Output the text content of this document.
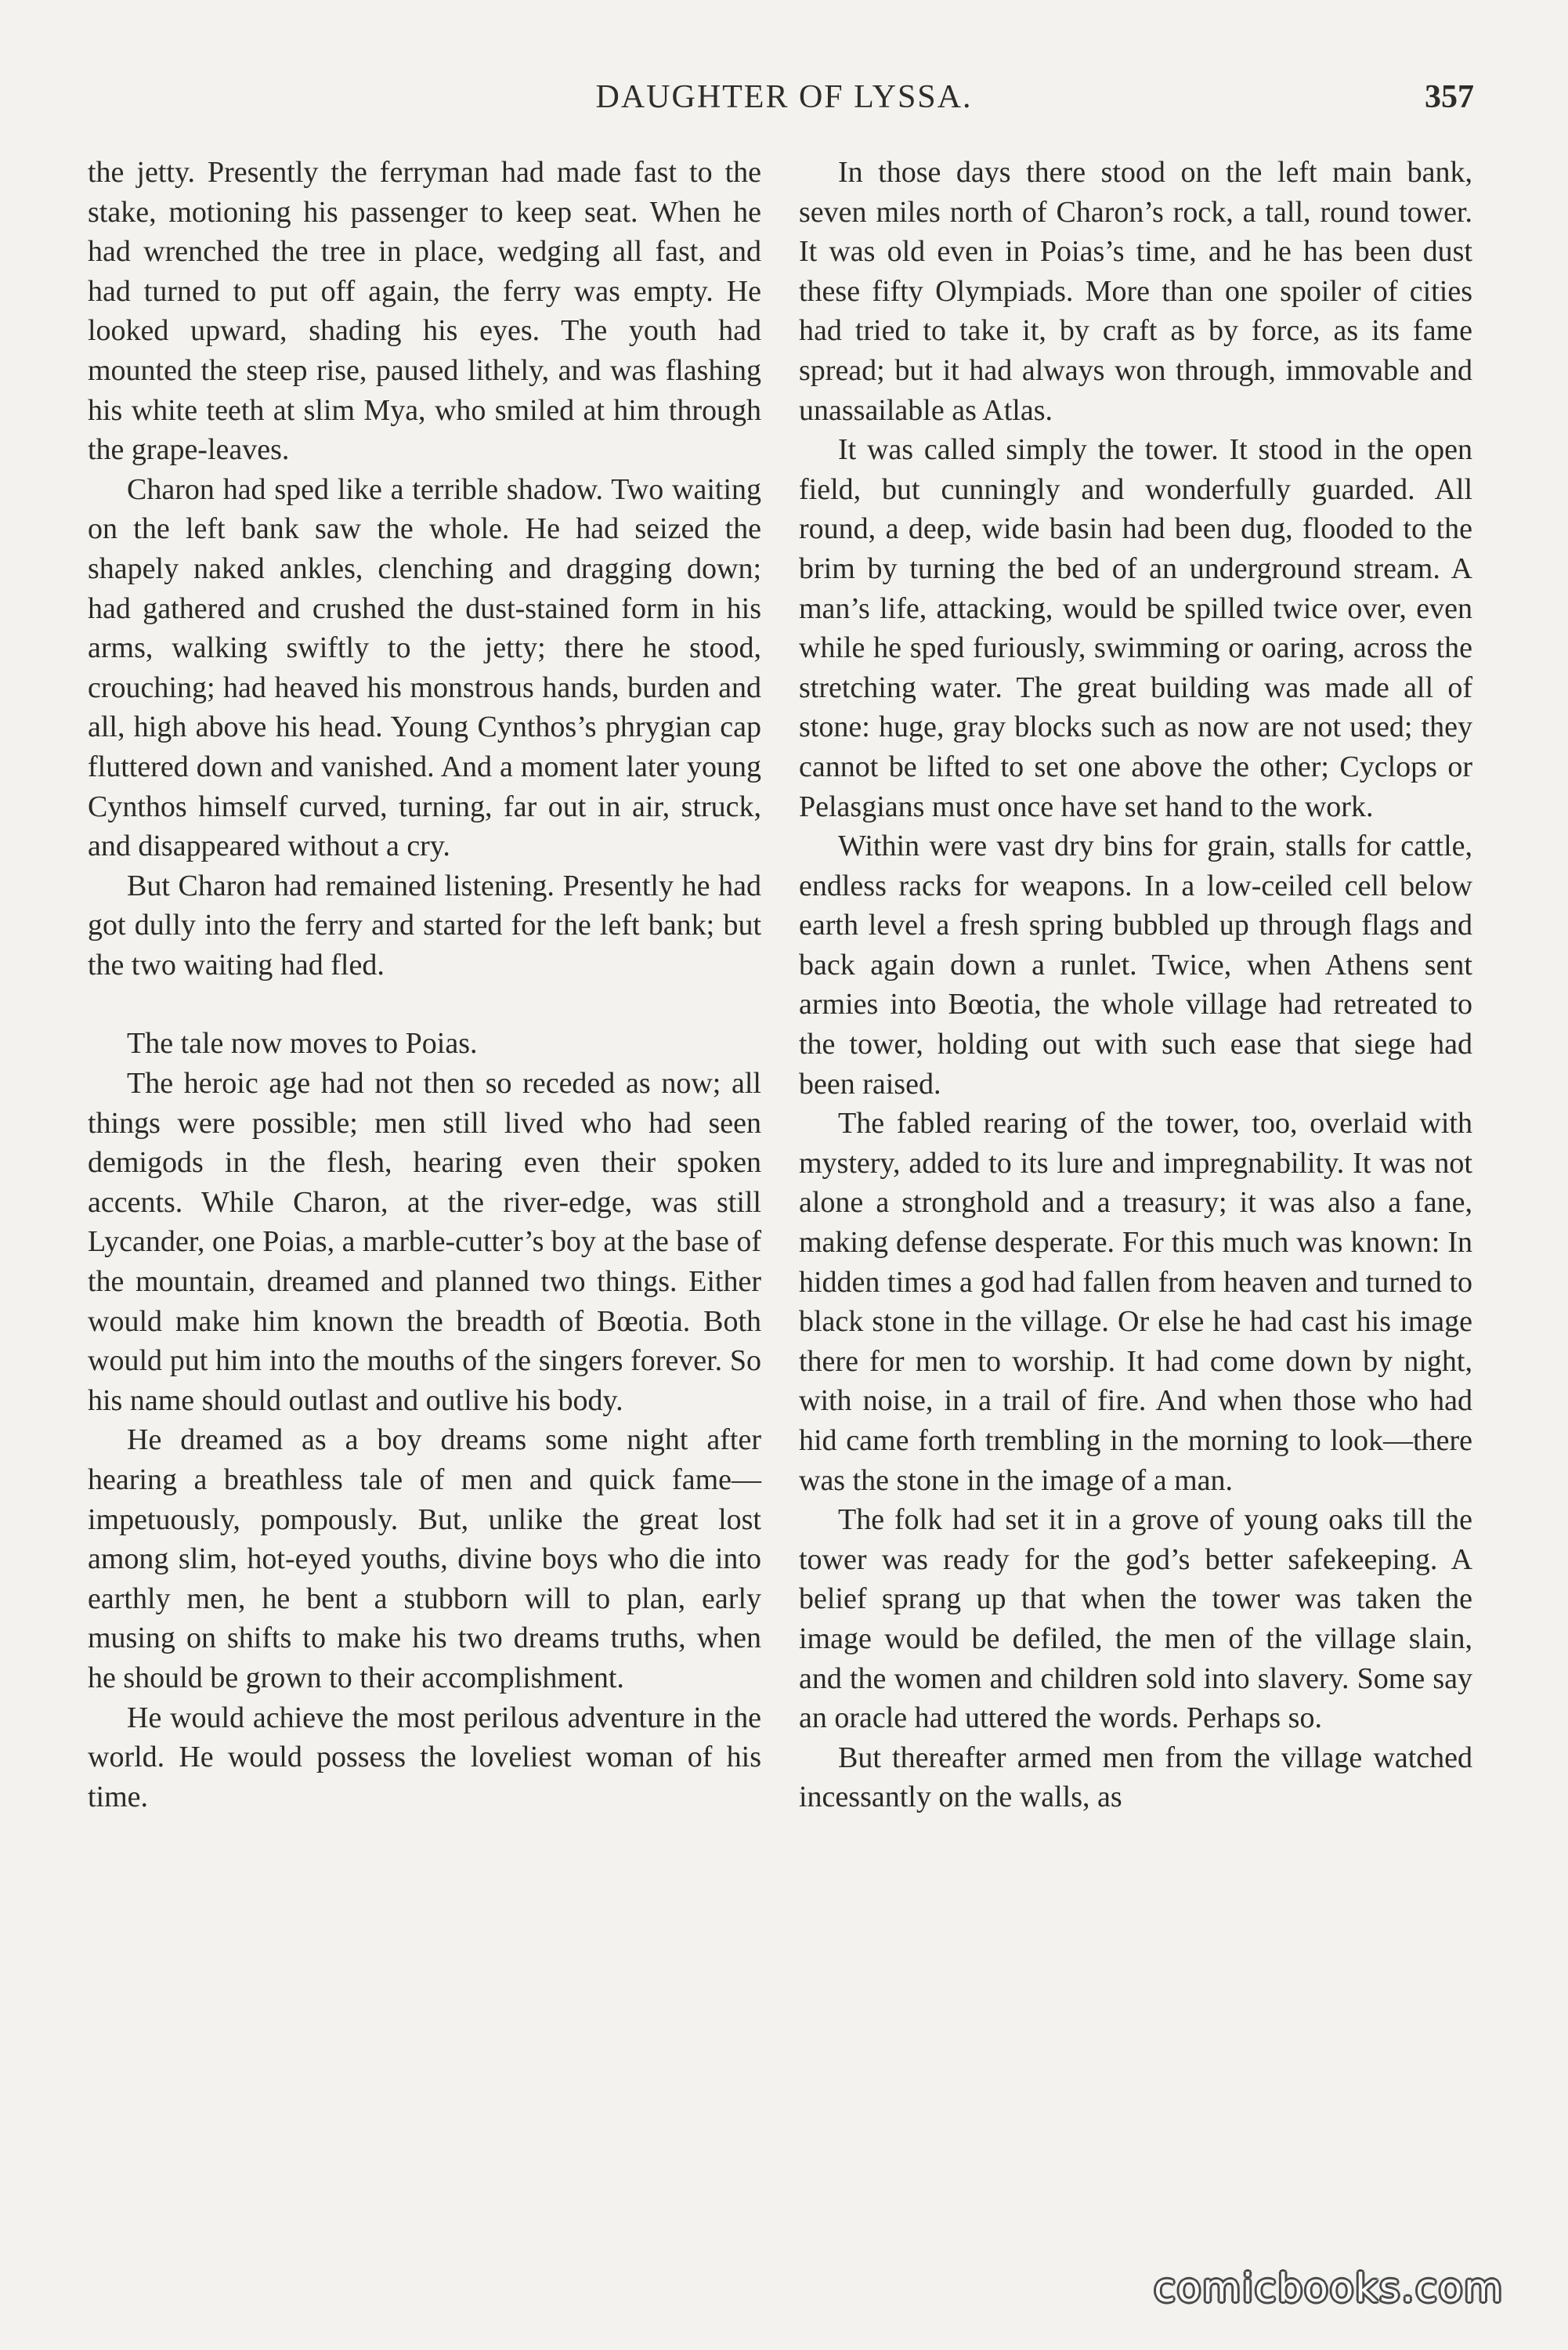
DAUGHTER OF LYSSA.	357

the jetty. Presently the ferryman had made fast to the stake, motioning his passenger to keep seat. When he had wrenched the tree in place, wedging all fast, and had turned to put off again, the ferry was empty. He looked upward, shading his eyes. The youth had mounted the steep rise, paused lithely, and was flashing his white teeth at slim Mya, who smiled at him through the grape-leaves.

Charon had sped like a terrible shadow. Two waiting on the left bank saw the whole. He had seized the shapely naked ankles, clenching and dragging down; had gathered and crushed the dust-stained form in his arms, walking swiftly to the jetty; there he stood, crouching; had heaved his monstrous hands, burden and all, high above his head. Young Cynthos’s phrygian cap fluttered down and vanished. And a moment later young Cynthos himself curved, turning, far out in air, struck, and disappeared without a cry.

But Charon had remained listening. Presently he had got dully into the ferry and started for the left bank; but the two waiting had fled.

The tale now moves to Poias.

The heroic age had not then so receded as now; all things were possible; men still lived who had seen demigods in the flesh, hearing even their spoken accents. While Charon, at the river-edge, was still Lycander, one Poias, a marble-cutter’s boy at the base of the mountain, dreamed and planned two things. Either would make him known the breadth of Bœotia. Both would put him into the mouths of the singers forever. So his name should outlast and outlive his body.

He dreamed as a boy dreams some night after hearing a breathless tale of men and quick fame—impetuously, pompously. But, unlike the great lost among slim, hot-eyed youths, divine boys who die into earthly men, he bent a stubborn will to plan, early musing on shifts to make his two dreams truths, when he should be grown to their accomplishment.

He would achieve the most perilous adventure in the world. He would possess the loveliest woman of his time.

In those days there stood on the left main bank, seven miles north of Charon’s rock, a tall, round tower. It was old even in Poias’s time, and he has been dust these fifty Olympiads. More than one spoiler of cities had tried to take it, by craft as by force, as its fame spread; but it had always won through, immovable and unassailable as Atlas.

It was called simply the tower. It stood in the open field, but cunningly and wonderfully guarded. All round, a deep, wide basin had been dug, flooded to the brim by turning the bed of an underground stream. A man’s life, attacking, would be spilled twice over, even while he sped furiously, swimming or oaring, across the stretching water. The great building was made all of stone: huge, gray blocks such as now are not used; they cannot be lifted to set one above the other; Cyclops or Pelasgians must once have set hand to the work.

Within were vast dry bins for grain, stalls for cattle, endless racks for weapons. In a low-ceiled cell below earth level a fresh spring bubbled up through flags and back again down a runlet. Twice, when Athens sent armies into Bœotia, the whole village had retreated to the tower, holding out with such ease that siege had been raised.

The fabled rearing of the tower, too, overlaid with mystery, added to its lure and impregnability. It was not alone a stronghold and a treasury; it was also a fane, making defense desperate. For this much was known: In hidden times a god had fallen from heaven and turned to black stone in the village. Or else he had cast his image there for men to worship. It had come down by night, with noise, in a trail of fire. And when those who had hid came forth trembling in the morning to look—there was the stone in the image of a man.

The folk had set it in a grove of young oaks till the tower was ready for the god’s better safekeeping. A belief sprang up that when the tower was taken the image would be defiled, the men of the village slain, and the women and children sold into slavery. Some say an oracle had uttered the words. Perhaps so.

But thereafter armed men from the village watched incessantly on the walls, as

comicbooks.com
